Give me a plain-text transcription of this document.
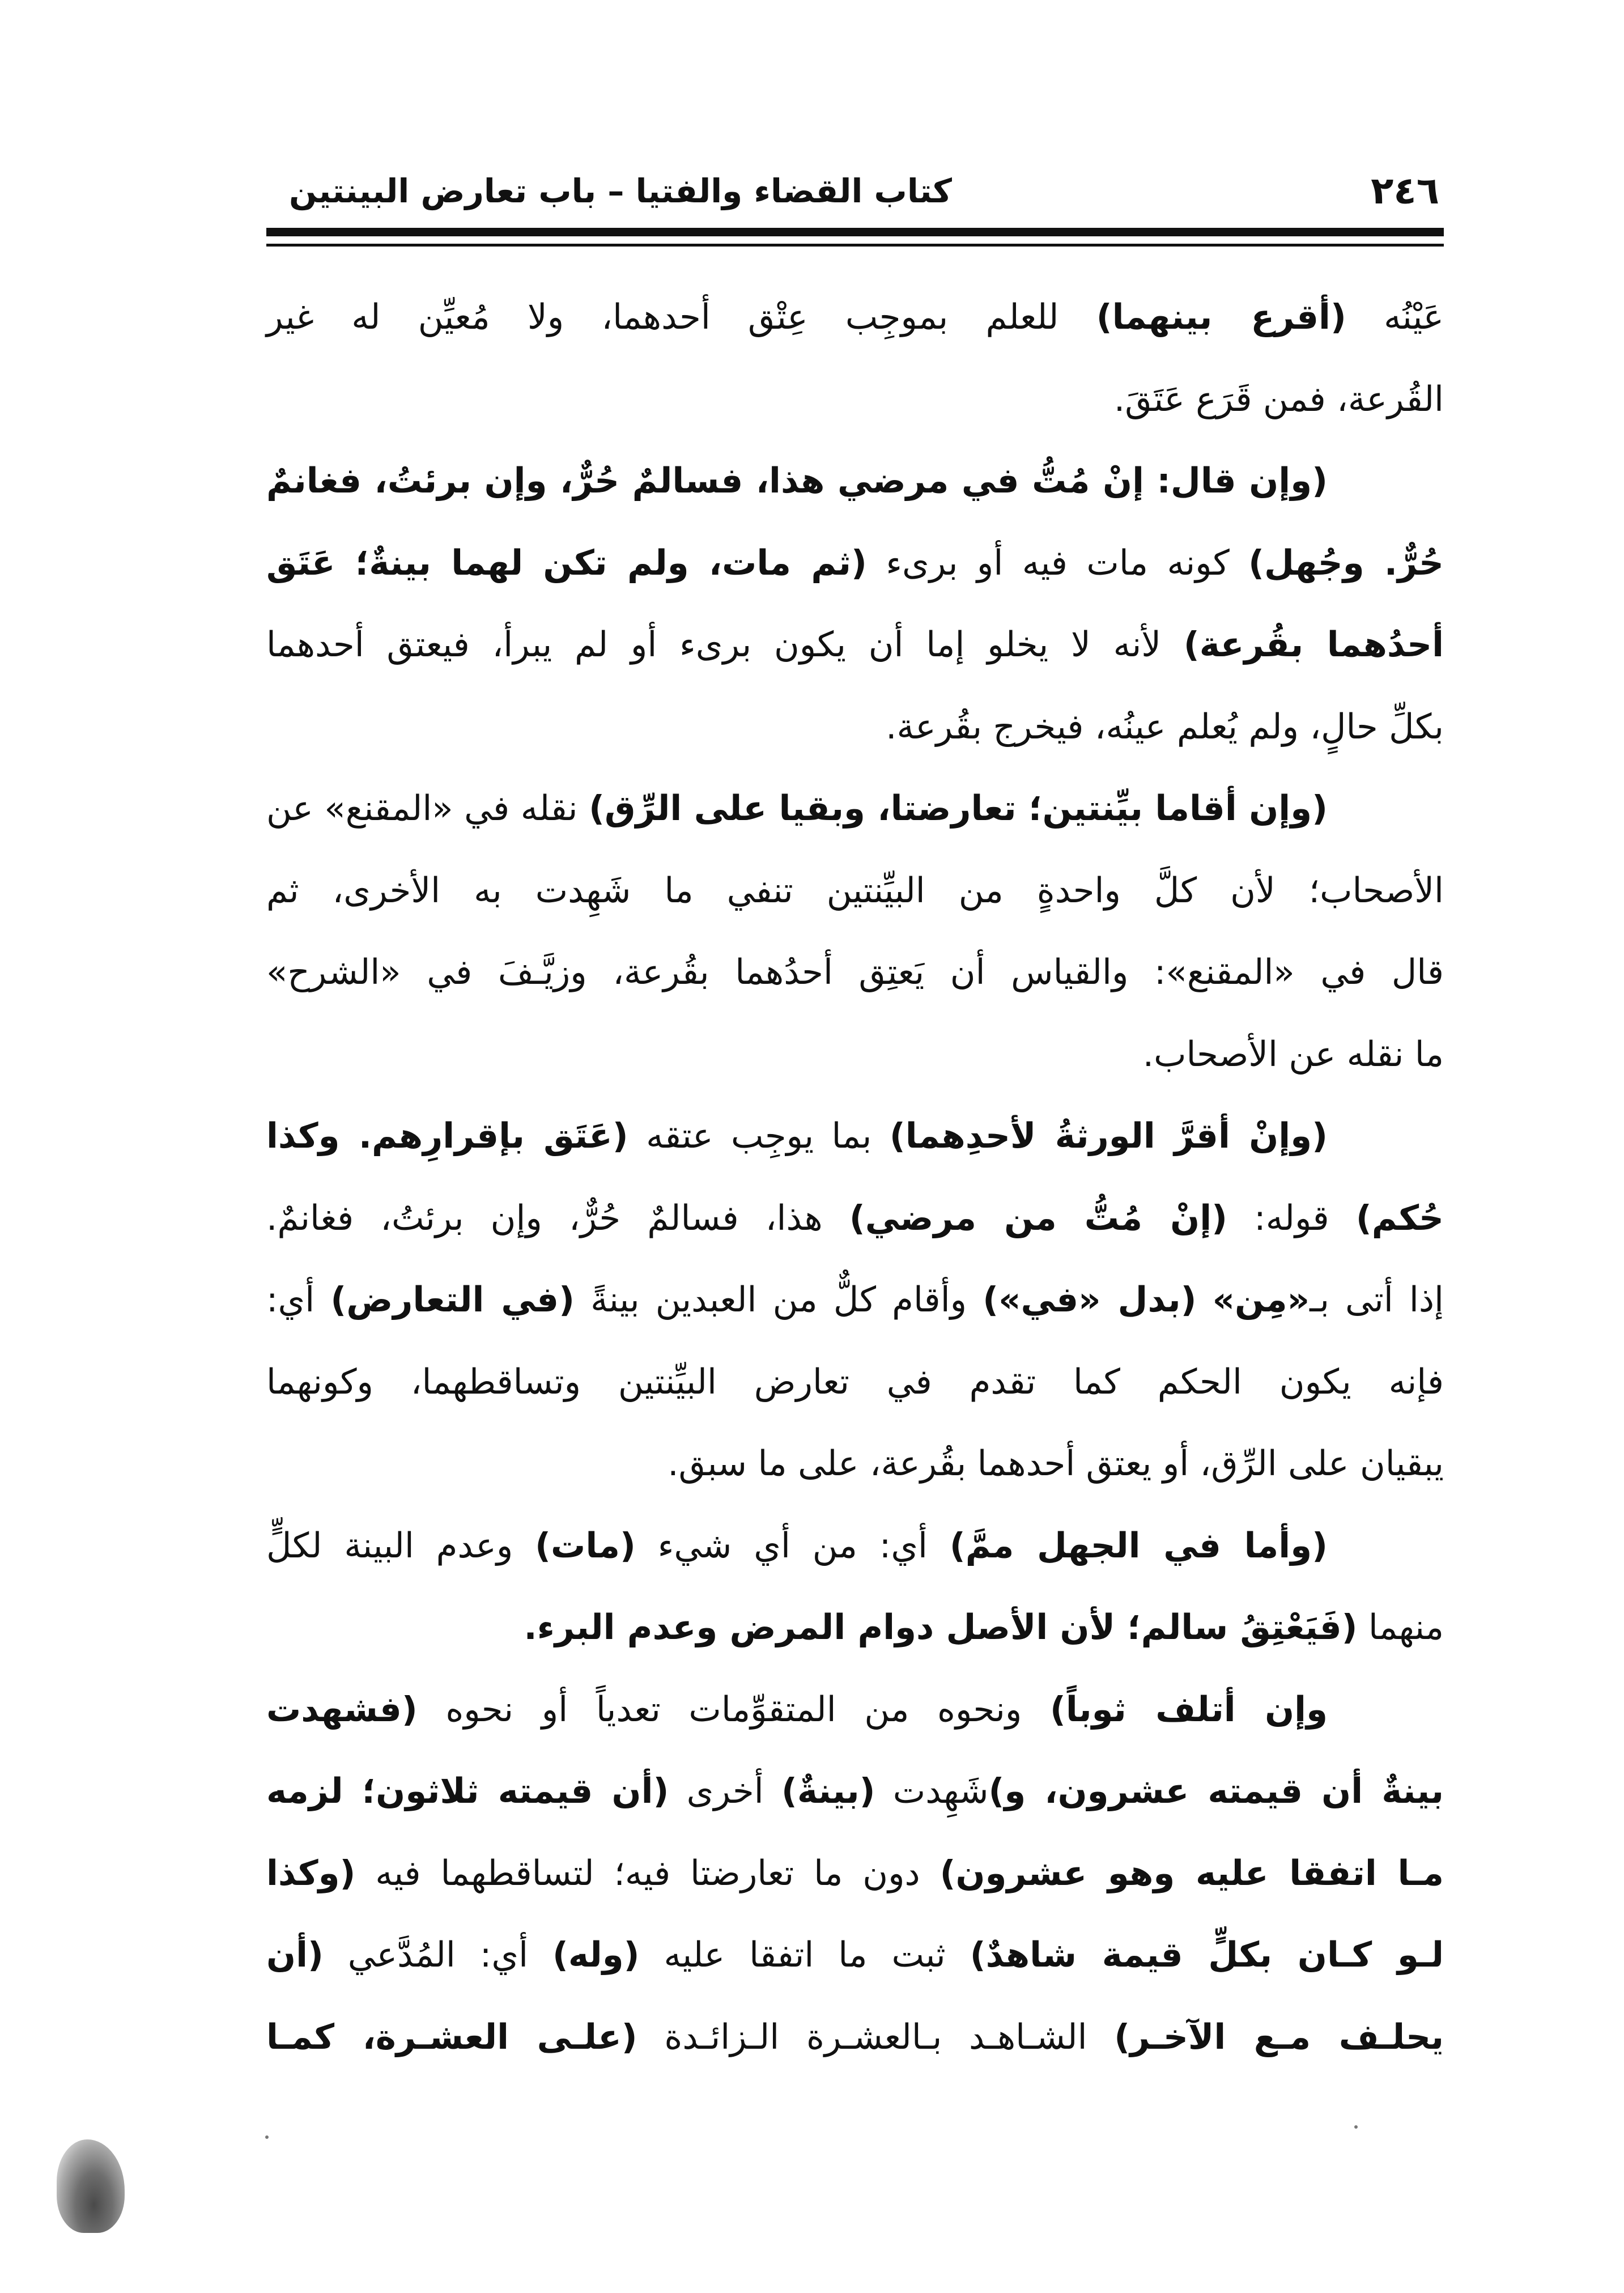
٢٤٦
كتاب القضاء والفتيا – باب تعارض البينتين
عَيْنُه (أقرع بينهما) للعلم بموجِب عِتْق أحدهما، ولا مُعيِّن له غير
القُرعة، فمن قَرَع عَتَقَ.
(وإن قال: إنْ مُتُّ في مرضي هذا، فسالمٌ حُرٌّ، وإن برئتُ، فغانمٌ
حُرٌّ. وجُهل) كونه مات فيه أو برىء (ثم مات، ولم تكن لهما بينةٌ؛ عَتَق
أحدُهما بقُرعة) لأنه لا يخلو إما أن يكون برىء أو لم يبرأ، فيعتق أحدهما
بكلِّ حالٍ، ولم يُعلم عينُه، فيخرج بقُرعة.
(وإن أقاما بيِّنتين؛ تعارضتا، وبقيا على الرِّق) نقله في «المقنع» عن
الأصحاب؛ لأن كلَّ واحدةٍ من البيِّنتين تنفي ما شَهِدت به الأخرى، ثم
قال في «المقنع»: والقياس أن يَعتِق أحدُهما بقُرعة، وزيَّـفَ في «الشرح»
ما نقله عن الأصحاب.
(وإنْ أقرَّ الورثةُ لأحدِهما) بما يوجِب عتقه (عَتَق بإقرارِهم. وكذا
حُكم) قوله: (إنْ مُتُّ من مرضي) هذا، فسالمٌ حُرٌّ، وإن برئتُ، فغانمٌ.
إذا أتى بـ«مِن» (بدل «في») وأقام كلٌّ من العبدين بينةً (في التعارض) أي:
فإنه يكون الحكم كما تقدم في تعارض البيِّنتين وتساقطهما، وكونهما
يبقيان على الرِّق، أو يعتق أحدهما بقُرعة، على ما سبق.
(وأما في الجهل ممَّ) أي: من أي شيء (مات) وعدم البينة لكلٍّ
منهما (فَيَعْتِقُ سالم؛ لأن الأصل دوام المرض وعدم البرء.
وإن أتلف ثوباً) ونحوه من المتقوِّمات تعدياً أو نحوه (فشهدت
بينةٌ أن قيمته عشرون، و)شَهِدت (بينةٌ) أخرى (أن قيمته ثلاثون؛ لزمه
مـا اتفقا عليه وهو عشرون) دون ما تعارضتا فيه؛ لتساقطهما فيه (وكذا
لـو كـان بكلٍّ قيمة شاهدٌ) ثبت ما اتفقا عليه (وله) أي: المُدَّعي (أن
يحلـف مـع الآخـر) الشـاهـد بـالعشـرة الـزائـدة (علـى العشـرة، كمـا
